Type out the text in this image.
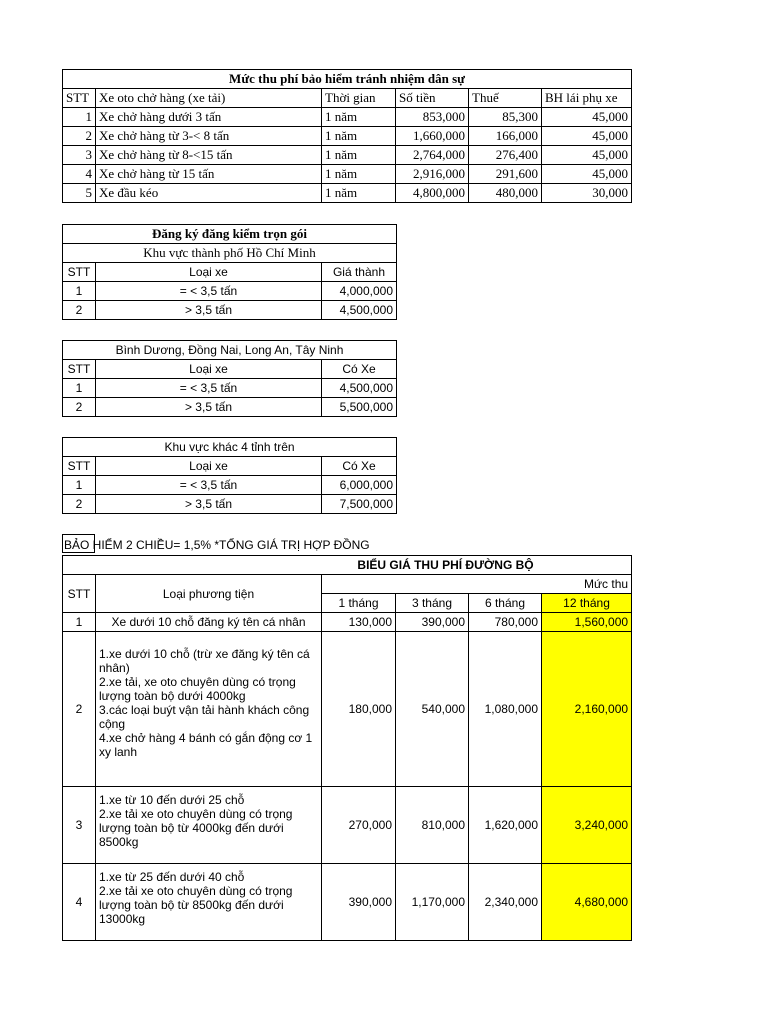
Mức thu phí bảo hiểm tránh nhiệm dân sự					
STT	Xe oto chở hàng (xe tải)	Thời gian	Số tiền	Thuế	BH lái phụ xe
1	Xe chở hàng dưới 3 tấn	1 năm	853,000	85,300	45,000
2	Xe chở hàng từ 3-< 8 tấn	1 năm	1,660,000	166,000	45,000
3	Xe chở hàng từ 8-<15 tấn	1 năm	2,764,000	276,400	45,000
4	Xe chở hàng từ 15 tấn	1 năm	2,916,000	291,600	45,000
5	Xe đầu kéo	1 năm	4,800,000	480,000	30,000
Đăng ký đăng kiểm trọn gói		
Khu vực thành phố Hồ Chí Minh		
STT	Loại xe	Giá thành
1	= < 3,5 tấn	4,000,000
2	> 3,5 tấn	4,500,000
Bình Dương, Đồng Nai, Long An, Tây Ninh		
STT	Loại xe	Có Xe
1	= < 3,5 tấn	4,500,000
2	> 3,5 tấn	5,500,000
Khu vực khác 4 tỉnh trên		
STT	Loại xe	Có Xe
1	= < 3,5 tấn	6,000,000
2	> 3,5 tấn	7,500,000
BẢO HIỂM 2 CHIỀU= 1,5% *TỔNG GIÁ TRỊ HỢP ĐỒNG
BIỂU GIÁ THU PHÍ ĐƯỜNG BỘ					
STT	Loại phương tiện	Mức thu			
		1 tháng	3 tháng	6 tháng	12 tháng
1	Xe dưới 10 chỗ đăng ký tên cá nhân	130,000	390,000	780,000	1,560,000
2	1.xe dưới 10 chỗ (trừ xe đăng ký tên cá nhân)
2.xe tải, xe oto chuyên dùng có trọng lượng toàn bộ dưới 4000kg
3.các loại buýt vận tải hành khách công cộng
4.xe chở hàng 4 bánh có gắn động cơ 1 xy lanh	180,000	540,000	1,080,000	2,160,000
3	1.xe từ 10 đến dưới 25 chỗ
2.xe tải xe oto chuyên dùng có trọng lượng toàn bộ từ 4000kg đến dưới 8500kg	270,000	810,000	1,620,000	3,240,000
4	1.xe từ 25 đến dưới 40 chỗ
2.xe tải xe oto chuyên dùng có trọng lượng toàn bộ từ 8500kg đến dưới 13000kg	390,000	1,170,000	2,340,000	4,680,000
